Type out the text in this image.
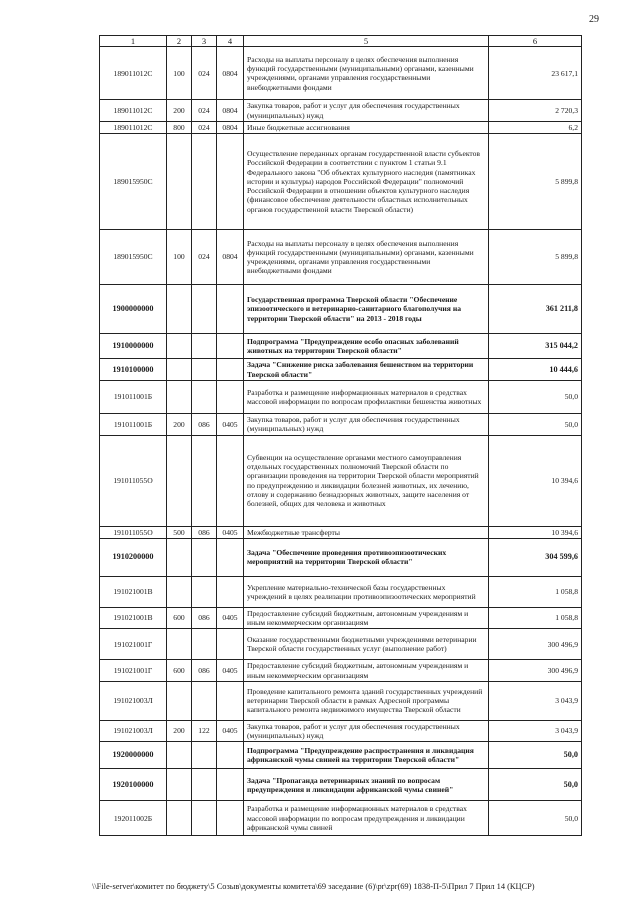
29
1	2	3	4	5	6
189011012С	100	024	0804	Расходы на выплаты персоналу в целях обеспечения выполнения функций государственными (муниципальными) органами, казенными учреждениями, органами управления государственными внебюджетными фондами	23 617,1
189011012С	200	024	0804	Закупка товаров, работ и услуг для обеспечения государственных (муниципальных) нужд	2 720,3
189011012С	800	024	0804	Иные бюджетные ассигнования	6,2
189015950С				Осуществление переданных органам государственной власти субъектов Российской Федерации в соответствии с пунктом 1 статьи 9.1 Федерального закона "Об объектах культурного наследия (памятниках истории и культуры) народов Российской Федерации" полномочий Российской Федерации в отношении объектов культурного наследия (финансовое обеспечение деятельности областных исполнительных органов государственной власти Тверской области)	5 899,8
189015950С	100	024	0804	Расходы на выплаты персоналу в целях обеспечения выполнения функций государственными (муниципальными) органами, казенными учреждениями, органами управления государственными внебюджетными фондами	5 899,8
1900000000				Государственная программа Тверской области "Обеспечение эпизоотического и ветеринарно-санитарного благополучия на территории Тверской области" на 2013 - 2018 годы	361 211,8
1910000000				Подпрограмма "Предупреждение особо опасных заболеваний животных на территории Тверской области"	315 044,2
1910100000				Задача "Снижение риска заболевания бешенством на территории Тверской области"	10 444,6
191011001Б				Разработка и размещение информационных материалов в средствах массовой информации по вопросам профилактики бешенства животных	50,0
191011001Б	200	086	0405	Закупка товаров, работ и услуг для обеспечения государственных (муниципальных) нужд	50,0
191011055О				Субвенции на осуществление органами местного самоуправления отдельных государственных полномочий Тверской области по организации проведения на территории Тверской области мероприятий по предупреждению и ликвидации болезней животных, их лечению, отлову и содержанию безнадзорных животных, защите населения от болезней, общих для человека и животных	10 394,6
191011055О	500	086	0405	Межбюджетные трансферты	10 394,6
1910200000				Задача "Обеспечение проведения противоэпизоотических мероприятий на территории Тверской области"	304 599,6
191021001В				Укрепление материально-технической базы государственных учреждений в целях реализации противоэпизоотических мероприятий	1 058,8
191021001В	600	086	0405	Предоставление субсидий бюджетным, автономным учреждениям и иным некоммерческим организациям	1 058,8
191021001Г				Оказание государственными бюджетными учреждениями ветеринарии Тверской области государственных услуг (выполнение работ)	300 496,9
191021001Г	600	086	0405	Предоставление субсидий бюджетным, автономным учреждениям и иным некоммерческим организациям	300 496,9
191021003Л				Проведение капитального ремонта зданий государственных учреждений ветеринарии Тверской области в рамках Адресной программы капитального ремонта недвижимого имущества Тверской области	3 043,9
191021003Л	200	122	0405	Закупка товаров, работ и услуг для обеспечения государственных (муниципальных) нужд	3 043,9
1920000000				Подпрограмма "Предупреждение распространения и ликвидация африканской чумы свиней на территории Тверской области"	50,0
1920100000				Задача "Пропаганда ветеринарных знаний по вопросам предупреждения и ликвидации африканской чумы свиней"	50,0
192011002Б				Разработка и размещение информационных материалов в средствах массовой информации по вопросам предупреждения и ликвидации африканской чумы свиней	50,0
\\File-server\комитет по бюджету\5 Созыв\документы комитета\69 заседание (6)\pr\zpr(69) 1838-П-5\Прил 7 Прил 14 (КЦСР)
